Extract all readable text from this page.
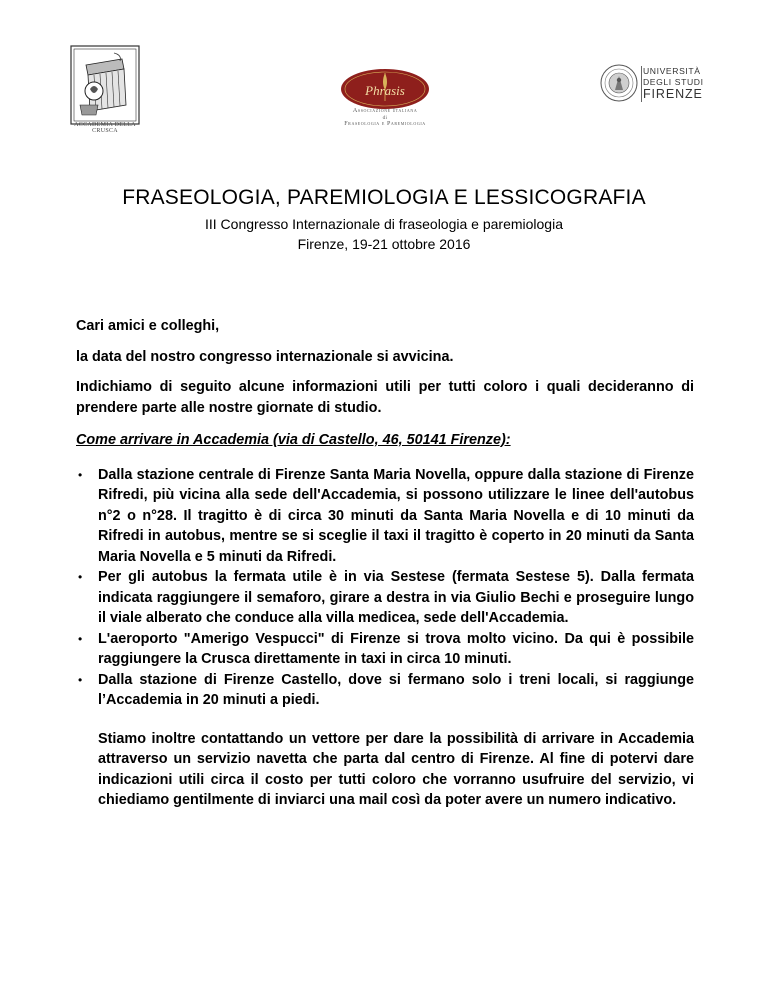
ACCADEMIA DELLA CRUSCA
Phrasis
Associazione Italiana
di
Fraseologia e Paremiologia
UNIVERSITÀ
DEGLI STUDI
FIRENZE
FRASEOLOGIA, PAREMIOLOGIA E LESSICOGRAFIA
III Congresso Internazionale di fraseologia e paremiologia
Firenze, 19-21 ottobre 2016

Cari amici e colleghi,

la data del nostro congresso internazionale si avvicina.

Indichiamo di seguito alcune informazioni utili per tutti coloro i quali decideranno di prendere parte alle nostre giornate di studio.

Come arrivare in Accademia (via di Castello, 46, 50141 Firenze):

• Dalla stazione centrale di Firenze Santa Maria Novella, oppure dalla stazione di Firenze Rifredi, più vicina alla sede dell'Accademia, si possono utilizzare le linee dell'autobus n°2 o n°28. Il tragitto è di circa 30 minuti da Santa Maria Novella e di 10 minuti da Rifredi in autobus, mentre se si sceglie il taxi il tragitto è coperto in 20 minuti da Santa Maria Novella e 5 minuti da Rifredi.
• Per gli autobus la fermata utile è in via Sestese (fermata Sestese 5). Dalla fermata indicata raggiungere il semaforo, girare a destra in via Giulio Bechi e proseguire lungo il viale alberato che conduce alla villa medicea, sede dell'Accademia.
• L'aeroporto "Amerigo Vespucci" di Firenze si trova molto vicino. Da qui è possibile raggiungere la Crusca direttamente in taxi in circa 10 minuti.
• Dalla stazione di Firenze Castello, dove si fermano solo i treni locali, si raggiunge l’Accademia in 20 minuti a piedi.

Stiamo inoltre contattando un vettore per dare la possibilità di arrivare in Accademia attraverso un servizio navetta che parta dal centro di Firenze. Al fine di potervi dare indicazioni utili circa il costo per tutti coloro che vorranno usufruire del servizio, vi chiediamo gentilmente di inviarci una mail così da poter avere un numero indicativo.
